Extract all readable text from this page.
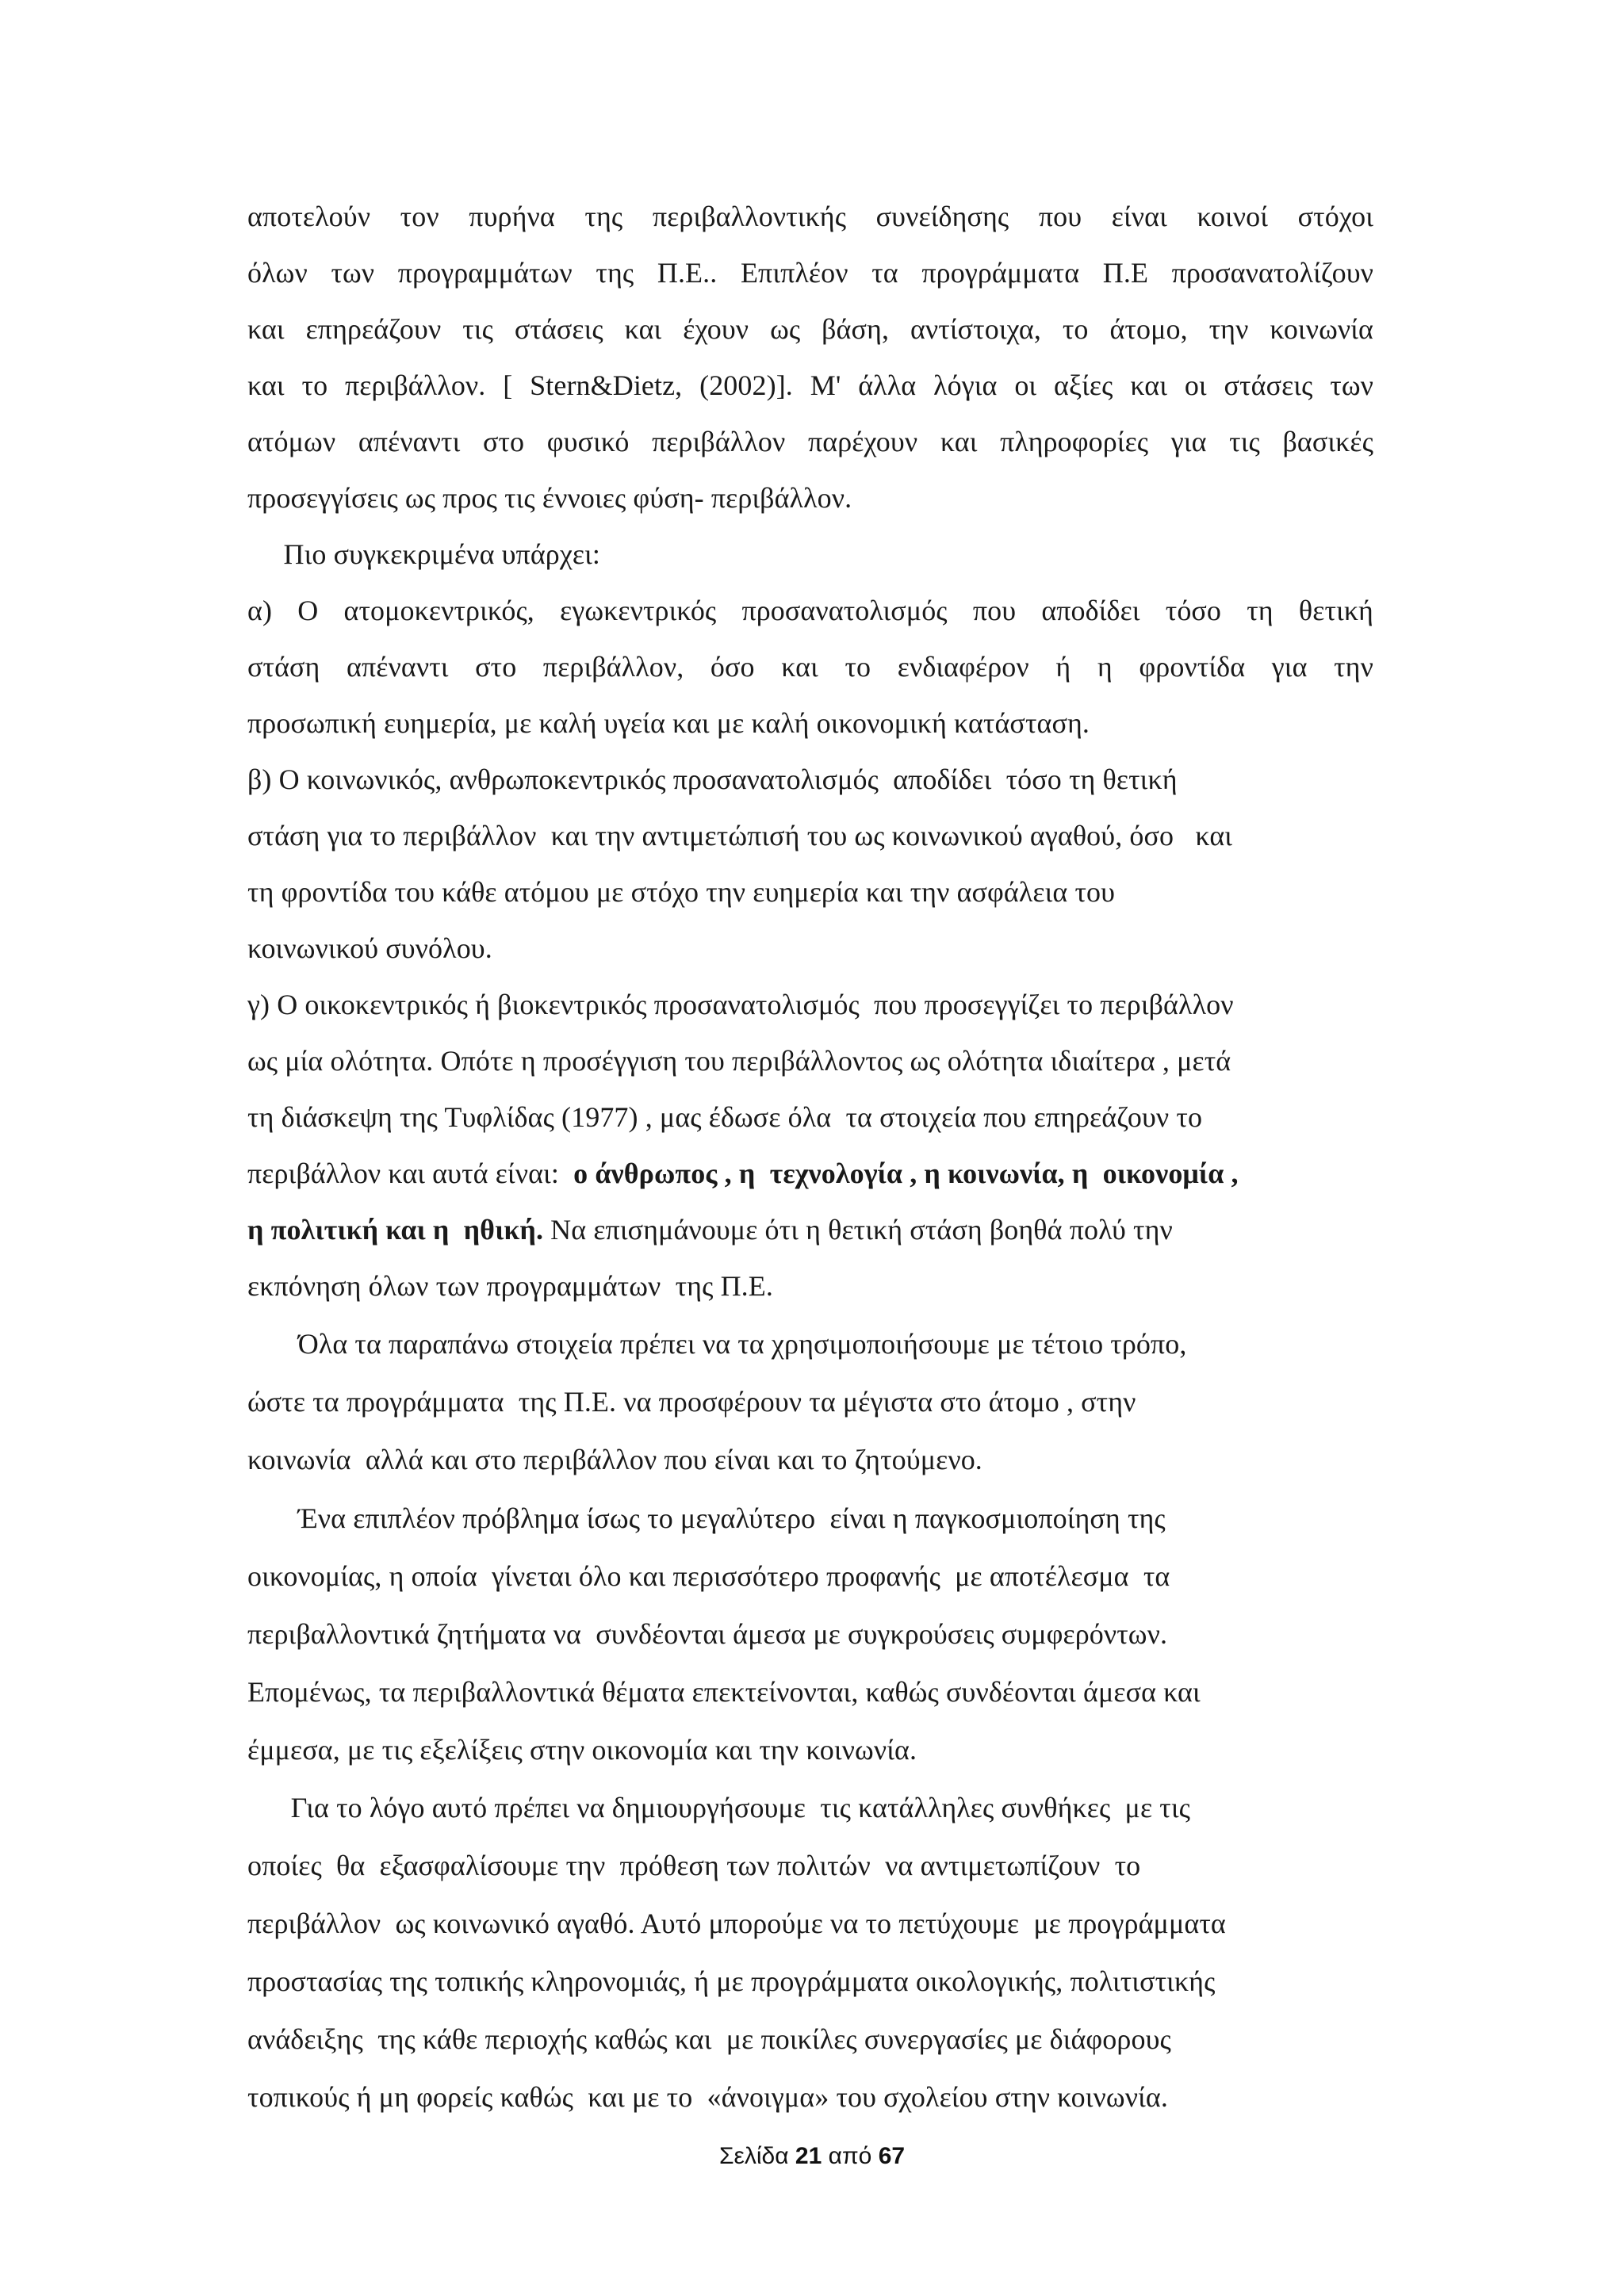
αποτελούν τον πυρήνα της περιβαλλοντικής συνείδησης που είναι κοινοί στόχοι
όλων των προγραμμάτων της Π.Ε.. Επιπλέον τα προγράμματα Π.Ε προσανατολίζουν
και επηρεάζουν τις στάσεις και έχουν ως βάση, αντίστοιχα, το άτομο, την κοινωνία
και το περιβάλλον. [ Stern&Dietz, (2002)]. Μ' άλλα λόγια οι αξίες και οι στάσεις των
ατόμων απέναντι στο φυσικό περιβάλλον παρέχουν και πληροφορίες για τις βασικές
προσεγγίσεις ως προς τις έννοιες φύση- περιβάλλον.
Πιο συγκεκριμένα υπάρχει:
α) Ο ατομοκεντρικός, εγωκεντρικός προσανατολισμός που αποδίδει τόσο τη θετική
στάση απέναντι στο περιβάλλον, όσο και το ενδιαφέρον ή η φροντίδα για την
προσωπική ευημερία, με καλή υγεία και με καλή οικονομική κατάσταση.
β) Ο κοινωνικός, ανθρωποκεντρικός προσανατολισμός  αποδίδει  τόσο τη θετική
στάση για το περιβάλλον  και την αντιμετώπισή του ως κοινωνικού αγαθού, όσο   και
τη φροντίδα του κάθε ατόμου με στόχο την ευημερία και την ασφάλεια του
κοινωνικού συνόλου.
γ) Ο οικοκεντρικός ή βιοκεντρικός προσανατολισμός  που προσεγγίζει το περιβάλλον
ως μία ολότητα. Οπότε η προσέγγιση του περιβάλλοντος ως ολότητα ιδιαίτερα , μετά
τη διάσκεψη της Τυφλίδας (1977) , μας έδωσε όλα  τα στοιχεία που επηρεάζουν το
περιβάλλον και αυτά είναι:  ο άνθρωπος , η  τεχνολογία , η κοινωνία, η  οικονομία ,
η πολιτική και η  ηθική. Να επισημάνουμε ότι η θετική στάση βοηθά πολύ την
εκπόνηση όλων των προγραμμάτων  της Π.Ε.
Όλα τα παραπάνω στοιχεία πρέπει να τα χρησιμοποιήσουμε με τέτοιο τρόπο,
ώστε τα προγράμματα  της Π.Ε. να προσφέρουν τα μέγιστα στο άτομο , στην
κοινωνία  αλλά και στο περιβάλλον που είναι και το ζητούμενο.
Ένα επιπλέον πρόβλημα ίσως το μεγαλύτερο  είναι η παγκοσμιοποίηση της
οικονομίας, η οποία  γίνεται όλο και περισσότερο προφανής  με αποτέλεσμα  τα
περιβαλλοντικά ζητήματα να  συνδέονται άμεσα με συγκρούσεις συμφερόντων.
Επομένως, τα περιβαλλοντικά θέματα επεκτείνονται, καθώς συνδέονται άμεσα και
έμμεσα, με τις εξελίξεις στην οικονομία και την κοινωνία.
Για το λόγο αυτό πρέπει να δημιουργήσουμε  τις κατάλληλες συνθήκες  με τις
οποίες  θα  εξασφαλίσουμε την  πρόθεση των πολιτών  να αντιμετωπίζουν  το
περιβάλλον  ως κοινωνικό αγαθό. Αυτό μπορούμε να το πετύχουμε  με προγράμματα
προστασίας της τοπικής κληρονομιάς, ή με προγράμματα οικολογικής, πολιτιστικής
ανάδειξης  της κάθε περιοχής καθώς και  με ποικίλες συνεργασίες με διάφορους
τοπικούς ή μη φορείς καθώς  και με το  «άνοιγμα» του σχολείου στην κοινωνία.
Σελίδα 21 από 67
